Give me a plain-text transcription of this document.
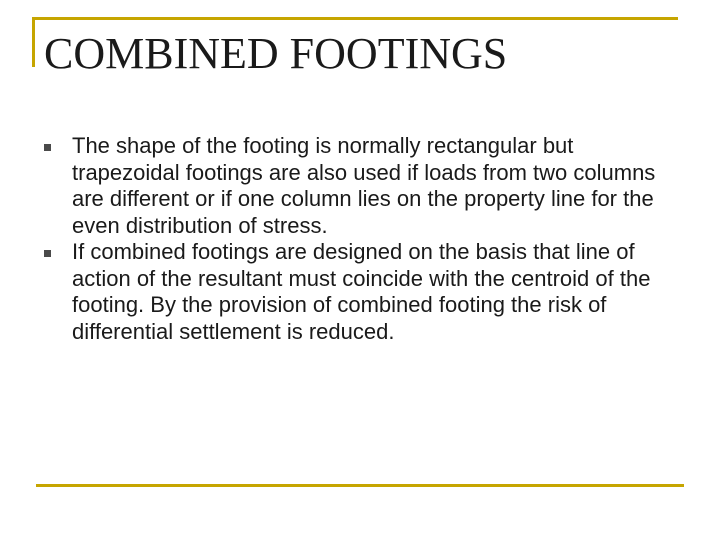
COMBINED FOOTINGS
The shape of the footing is normally rectangular but trapezoidal footings are also used if loads from two columns are different or if one column lies on the property line for the even distribution of stress.
If combined footings are designed on the basis that line of action of the resultant must coincide with the centroid of the footing. By the provision of combined footing the risk of differential settlement is reduced.
